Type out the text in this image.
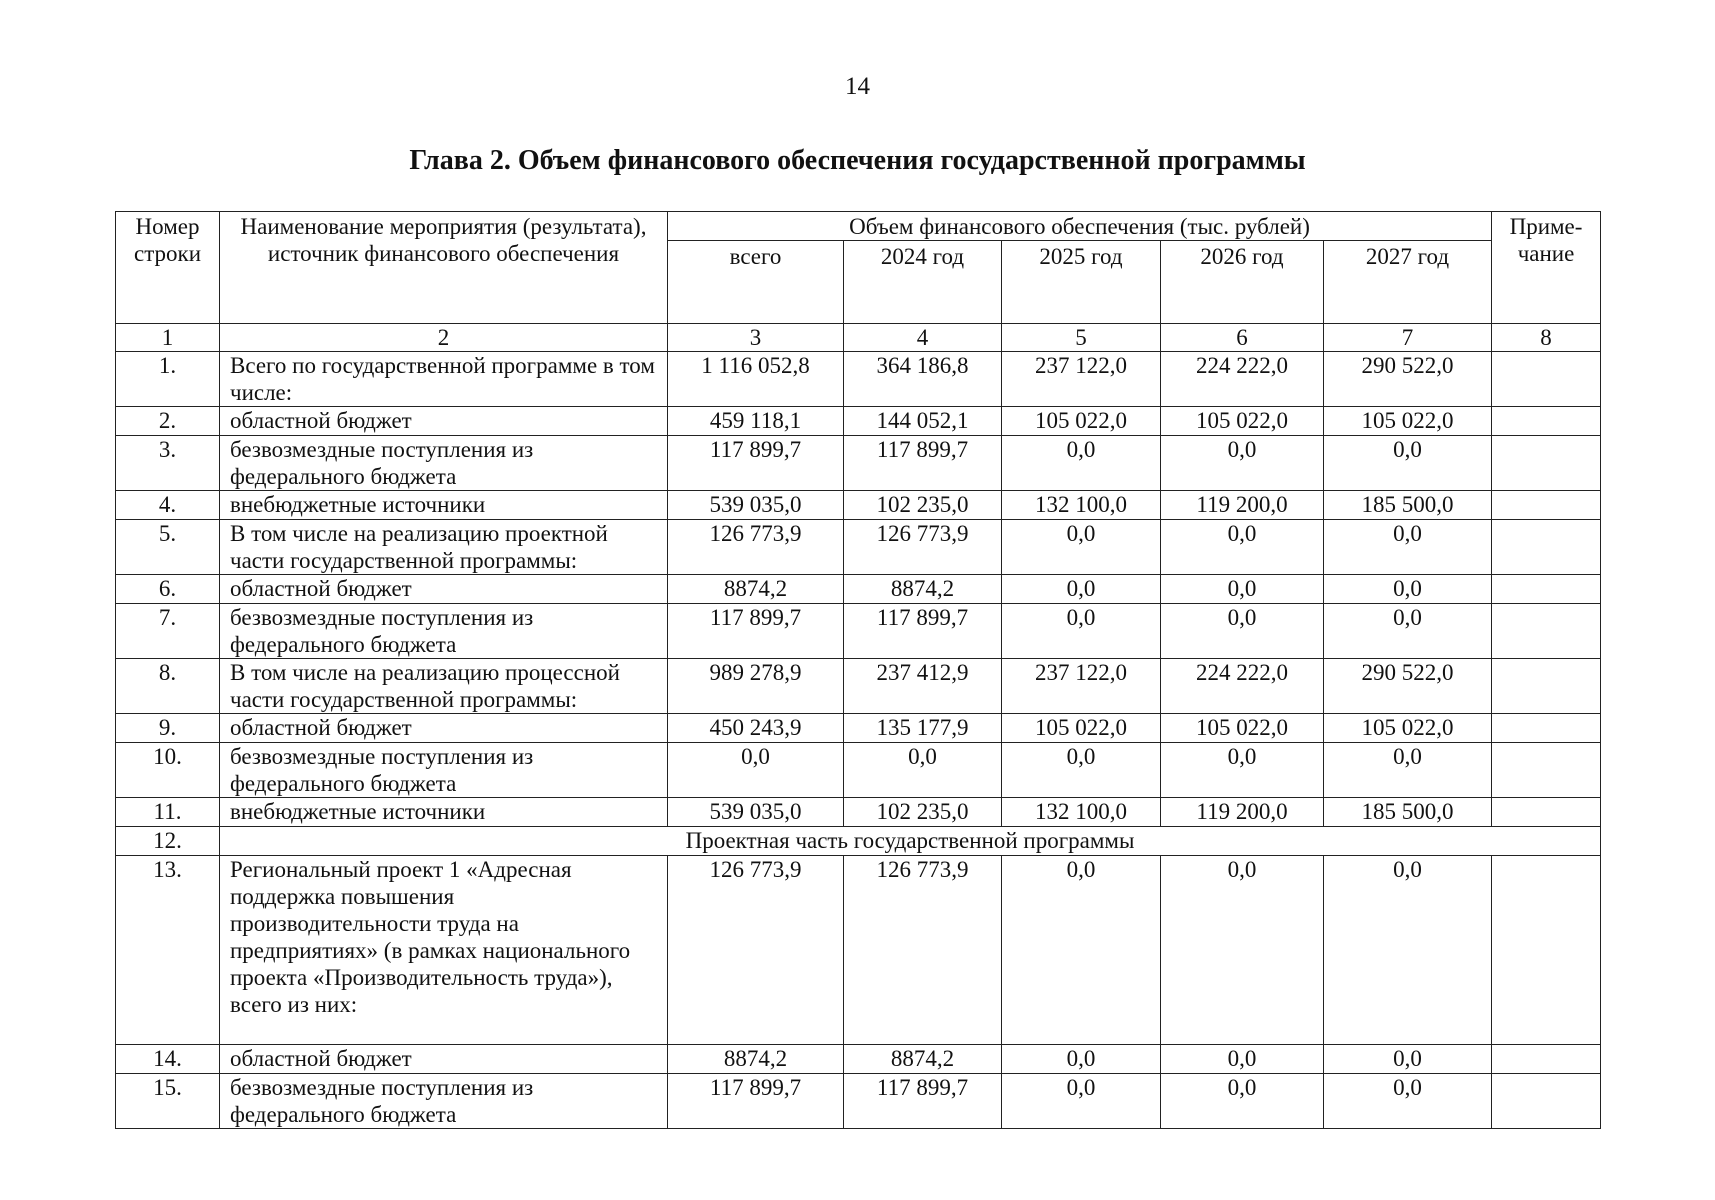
14
Глава 2. Объем финансового обеспечения государственной программы
Номер строки	Наименование мероприятия (результата), источник финансового обеспечения	Объем финансового обеспечения (тыс. рублей)					Приме-чание
		всего	2024 год	2025 год	2026 год	2027 год	
1	2	3	4	5	6	7	8
1.	Всего по государственной программе в том числе:	1 116 052,8	364 186,8	237 122,0	224 222,0	290 522,0	
2.	областной бюджет	459 118,1	144 052,1	105 022,0	105 022,0	105 022,0	
3.	безвозмездные поступления из федерального бюджета	117 899,7	117 899,7	0,0	0,0	0,0	
4.	внебюджетные источники	539 035,0	102 235,0	132 100,0	119 200,0	185 500,0	
5.	В том числе на реализацию проектной части государственной программы:	126 773,9	126 773,9	0,0	0,0	0,0	
6.	областной бюджет	8874,2	8874,2	0,0	0,0	0,0	
7.	безвозмездные поступления из федерального бюджета	117 899,7	117 899,7	0,0	0,0	0,0	
8.	В том числе на реализацию процессной части государственной программы:	989 278,9	237 412,9	237 122,0	224 222,0	290 522,0	
9.	областной бюджет	450 243,9	135 177,9	105 022,0	105 022,0	105 022,0	
10.	безвозмездные поступления из федерального бюджета	0,0	0,0	0,0	0,0	0,0	
11.	внебюджетные источники	539 035,0	102 235,0	132 100,0	119 200,0	185 500,0	
12.	Проектная часть государственной программы						
13.	Региональный проект 1 «Адресная поддержка повышения производительности труда на предприятиях» (в рамках национального проекта «Производительность труда»), всего из них:	126 773,9	126 773,9	0,0	0,0	0,0	
14.	областной бюджет	8874,2	8874,2	0,0	0,0	0,0	
15.	безвозмездные поступления из федерального бюджета	117 899,7	117 899,7	0,0	0,0	0,0	
